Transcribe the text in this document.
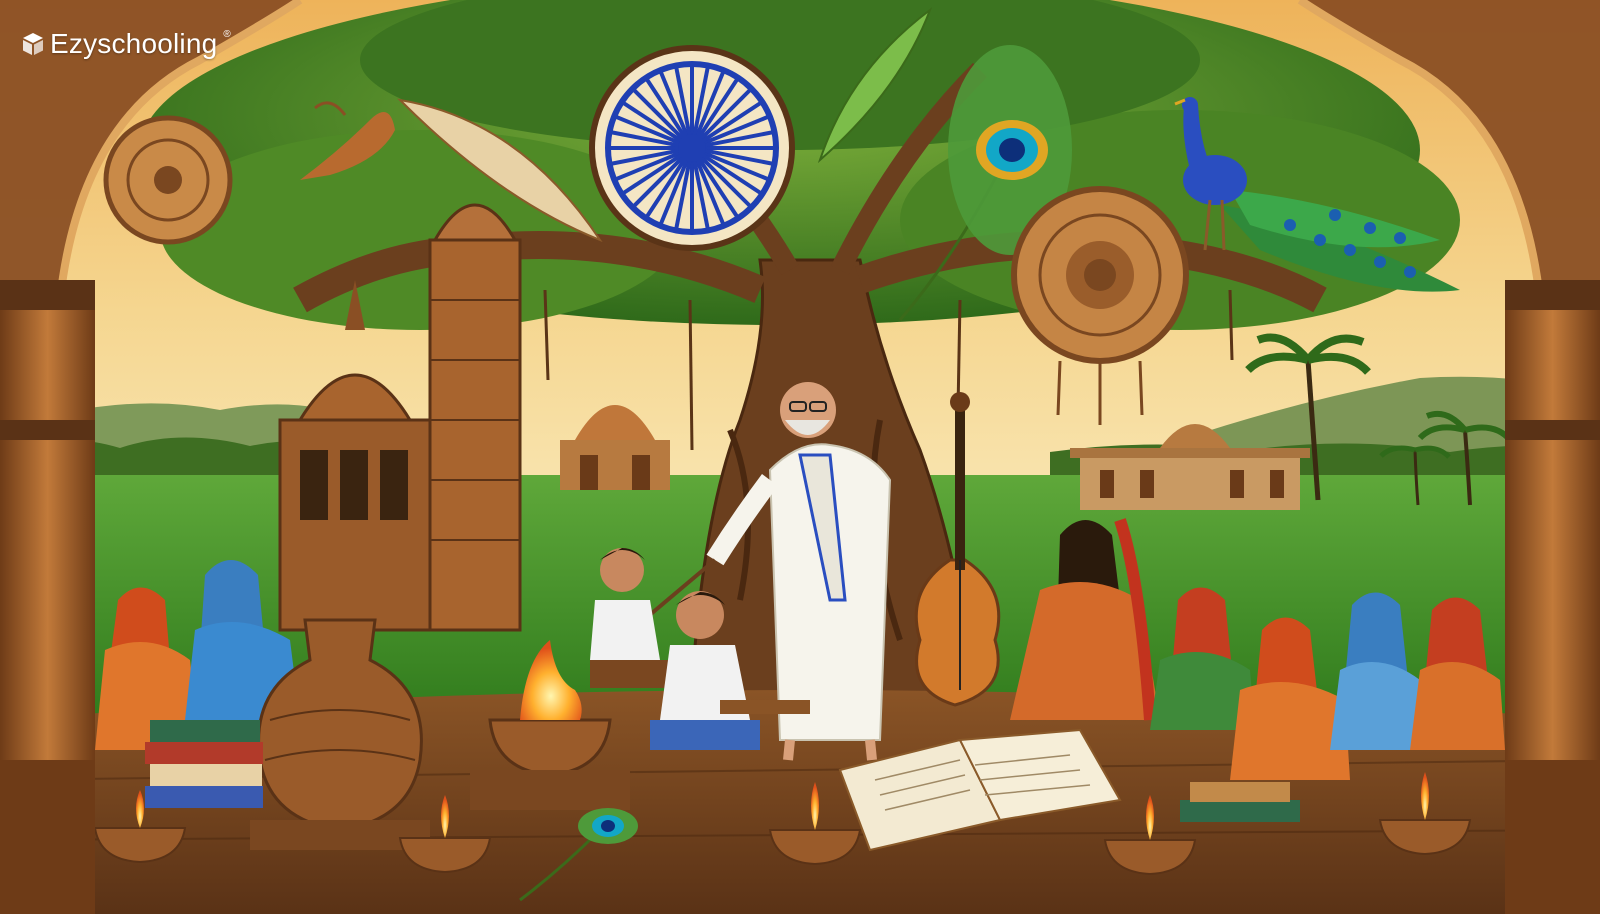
Ezyschooling ®
